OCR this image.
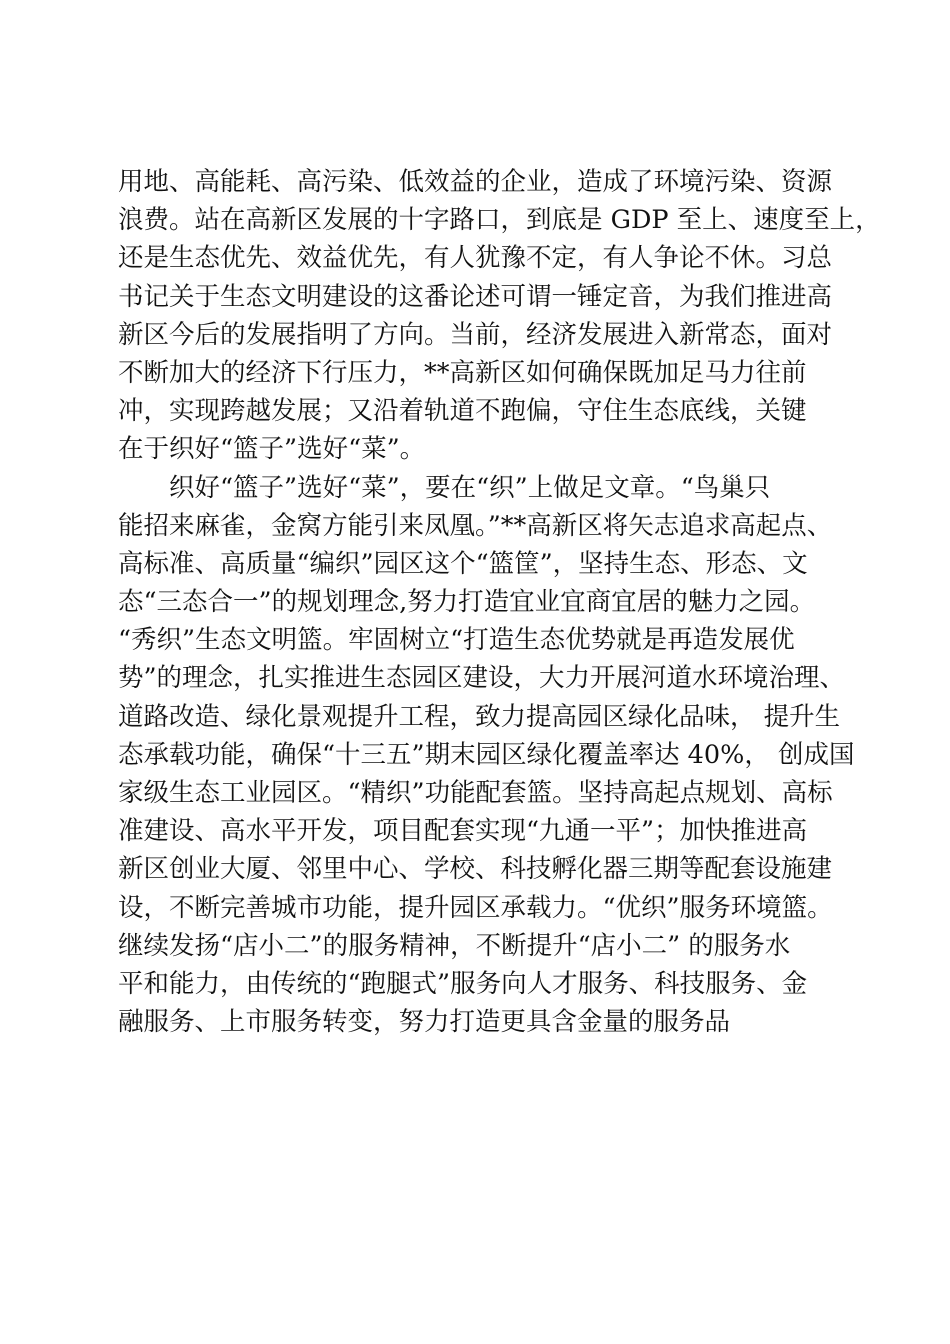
用地、高能耗、高污染、低效益的企业，造成了环境污染、资源
浪费。站在高新区发展的十字路口，到底是 GDP 至上、速度至上，
还是生态优先、效益优先，有人犹豫不定，有人争论不休。习总
书记关于生态文明建设的这番论述可谓一锤定音，为我们推进高
新区今后的发展指明了方向。当前，经济发展进入新常态，面对
不断加大的经济下行压力，**高新区如何确保既加足马力往前
冲，实现跨越发展；又沿着轨道不跑偏，守住生态底线，关键
在于织好“篮子”选好“菜”。
织好“篮子”选好“菜”，要在“织”上做足文章。“鸟巢只
能招来麻雀，金窝方能引来凤凰。”**高新区将矢志追求高起点、
高标准、高质量“编织”园区这个“篮筐”，坚持生态、形态、文
态“三态合一”的规划理念,努力打造宜业宜商宜居的魅力之园。
“秀织”生态文明篮。牢固树立“打造生态优势就是再造发展优
势”的理念，扎实推进生态园区建设，大力开展河道水环境治理、
道路改造、绿化景观提升工程，致力提高园区绿化品味， 提升生
态承载功能，确保“十三五”期末园区绿化覆盖率达 40%， 创成国
家级生态工业园区。“精织”功能配套篮。坚持高起点规划、高标
准建设、高水平开发，项目配套实现“九通一平”；加快推进高
新区创业大厦、邻里中心、学校、科技孵化器三期等配套设施建
设，不断完善城市功能，提升园区承载力。“优织”服务环境篮。
继续发扬“店小二”的服务精神，不断提升“店小二” 的服务水
平和能力，由传统的“跑腿式”服务向人才服务、科技服务、金
融服务、上市服务转变，努力打造更具含金量的服务品
